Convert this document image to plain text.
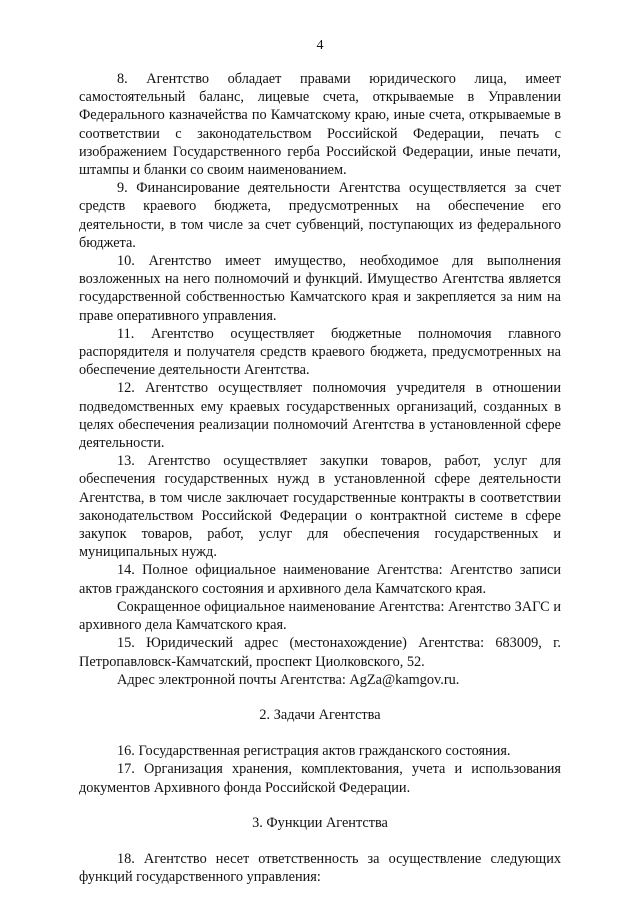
4

8. Агентство обладает правами юридического лица, имеет самостоятельный баланс, лицевые счета, открываемые в Управлении Федерального казначейства по Камчатскому краю, иные счета, открываемые в соответствии с законодательством Российской Федерации, печать с изображением Государственного герба Российской Федерации, иные печати, штампы и бланки со своим наименованием.

9. Финансирование деятельности Агентства осуществляется за счет средств краевого бюджета, предусмотренных на обеспечение его деятельности, в том числе за счет субвенций, поступающих из федерального бюджета.

10. Агентство имеет имущество, необходимое для выполнения возложенных на него полномочий и функций. Имущество Агентства является государственной собственностью Камчатского края и закрепляется за ним на праве оперативного управления.

11. Агентство осуществляет бюджетные полномочия главного распорядителя и получателя средств краевого бюджета, предусмотренных на обеспечение деятельности Агентства.

12. Агентство осуществляет полномочия учредителя в отношении подведомственных ему краевых государственных организаций, созданных в целях обеспечения реализации полномочий Агентства в установленной сфере деятельности.

13. Агентство осуществляет закупки товаров, работ, услуг для обеспечения государственных нужд в установленной сфере деятельности Агентства, в том числе заключает государственные контракты в соответствии законодательством Российской Федерации о контрактной системе в сфере закупок товаров, работ, услуг для обеспечения государственных и муниципальных нужд.

14. Полное официальное наименование Агентства: Агентство записи актов гражданского состояния и архивного дела Камчатского края.

Сокращенное официальное наименование Агентства: Агентство ЗАГС и архивного дела Камчатского края.

15. Юридический адрес (местонахождение) Агентства: 683009, г. Петропавловск-Камчатский, проспект Циолковского, 52.

Адрес электронной почты Агентства: AgZa@kamgov.ru.

2. Задачи Агентства

16. Государственная регистрация актов гражданского состояния.

17. Организация хранения, комплектования, учета и использования документов Архивного фонда Российской Федерации.

3. Функции Агентства

18. Агентство несет ответственность за осуществление следующих функций государственного управления:
